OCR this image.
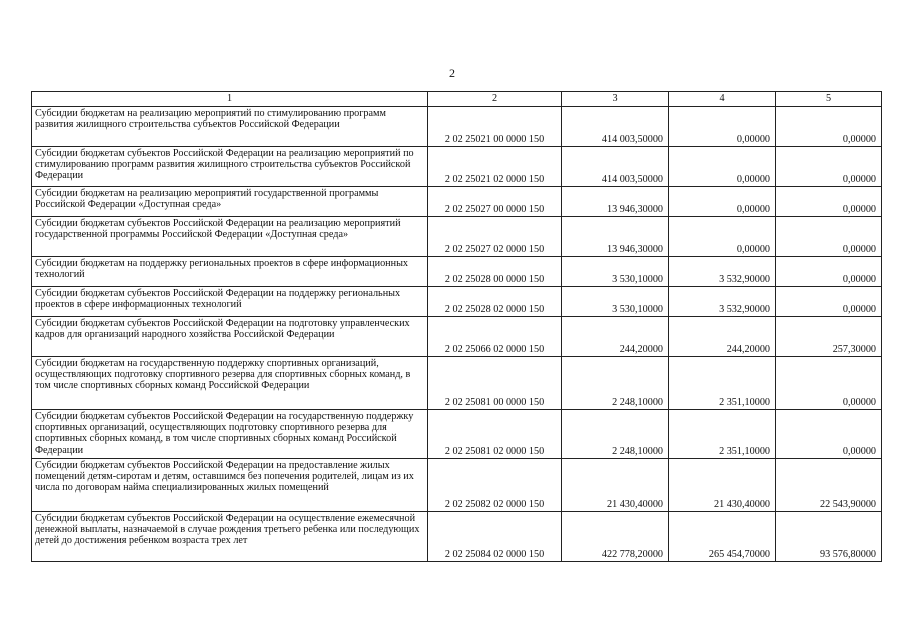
2
1	2	3	4	5
Субсидии бюджетам на реализацию мероприятий по стимулированию программ развития жилищного строительства субъектов Российской Федерации	2 02 25021 00 0000 150	414 003,50000	0,00000	0,00000
Субсидии бюджетам субъектов Российской Федерации на реализацию мероприятий по стимулированию программ развития жилищного строительства субъектов Российской Федерации	2 02 25021 02 0000 150	414 003,50000	0,00000	0,00000
Субсидии бюджетам на реализацию мероприятий государственной программы Российской Федерации «Доступная среда»	2 02 25027 00 0000 150	13 946,30000	0,00000	0,00000
Субсидии бюджетам субъектов Российской Федерации на реализацию мероприятий государственной программы Российской Федерации «Доступная среда»	2 02 25027 02 0000 150	13 946,30000	0,00000	0,00000
Субсидии бюджетам на поддержку региональных проектов в сфере информационных технологий	2 02 25028 00 0000 150	3 530,10000	3 532,90000	0,00000
Субсидии бюджетам субъектов Российской Федерации на поддержку региональных проектов в сфере информационных технологий	2 02 25028 02 0000 150	3 530,10000	3 532,90000	0,00000
Субсидии бюджетам субъектов Российской Федерации на подготовку управленческих кадров для организаций народного хозяйства Российской Федерации	2 02 25066 02 0000 150	244,20000	244,20000	257,30000
Субсидии бюджетам на государственную поддержку спортивных организаций, осуществляющих подготовку спортивного резерва для спортивных сборных команд, в том числе спортивных сборных команд Российской Федерации	2 02 25081 00 0000 150	2 248,10000	2 351,10000	0,00000
Субсидии бюджетам субъектов Российской Федерации на государственную поддержку спортивных организаций, осуществляющих подготовку спортивного резерва для спортивных сборных команд, в том числе спортивных сборных команд Российской Федерации	2 02 25081 02 0000 150	2 248,10000	2 351,10000	0,00000
Субсидии бюджетам субъектов Российской Федерации на предоставление жилых помещений детям-сиротам и детям, оставшимся без попечения родителей, лицам из их числа по договорам найма специализированных жилых помещений	2 02 25082 02 0000 150	21 430,40000	21 430,40000	22 543,90000
Субсидии бюджетам субъектов Российской Федерации на осуществление ежемесячной денежной выплаты, назначаемой в случае рождения третьего ребенка или последующих детей до достижения ребенком возраста трех лет	2 02 25084 02 0000 150	422 778,20000	265 454,70000	93 576,80000
